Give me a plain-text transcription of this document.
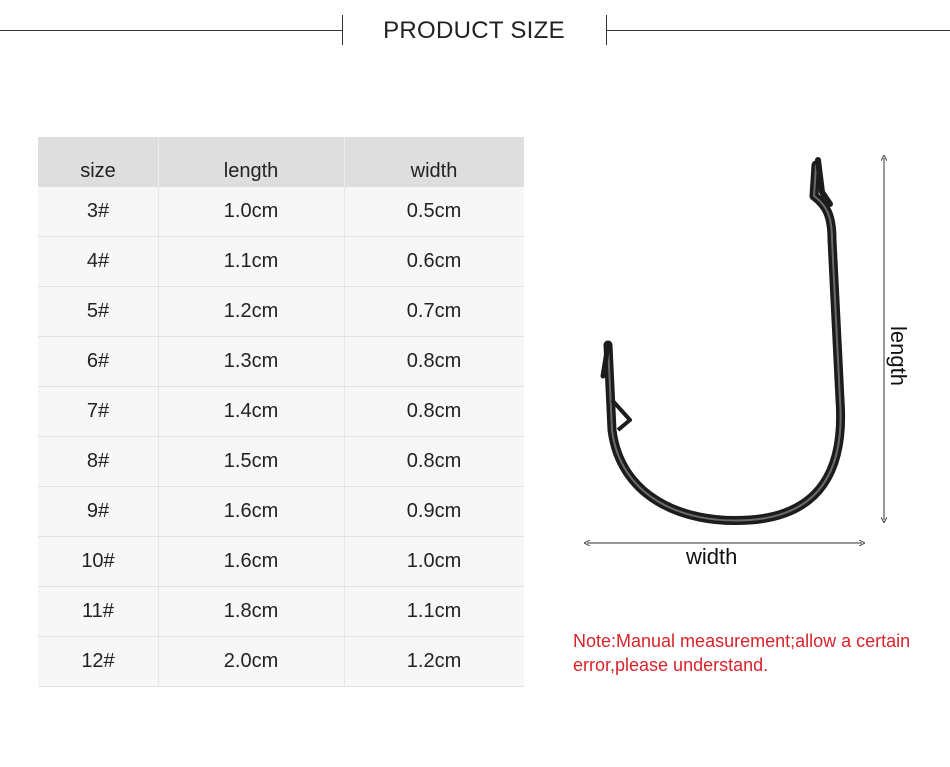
PRODUCT SIZE
size	length	width
3#	1.0cm	0.5cm
4#	1.1cm	0.6cm
5#	1.2cm	0.7cm
6#	1.3cm	0.8cm
7#	1.4cm	0.8cm
8#	1.5cm	0.8cm
9#	1.6cm	0.9cm
10#	1.6cm	1.0cm
11#	1.8cm	1.1cm
12#	2.0cm	1.2cm
width
length
Note:Manual measurement;allow a certain error,please understand.
